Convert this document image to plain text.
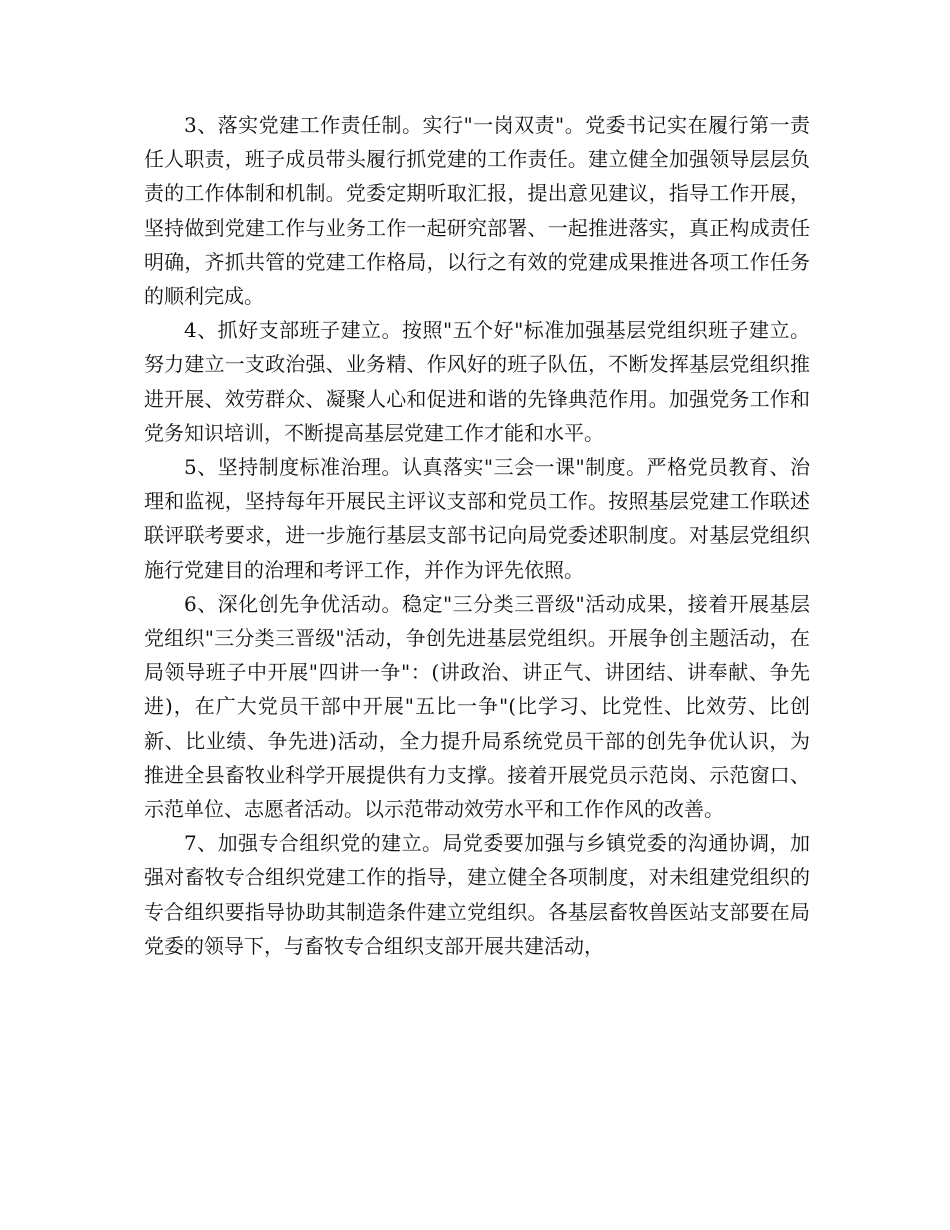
3、落实党建工作责任制。实行"一岗双责"。党委书记实在履行第一责任人职责，班子成员带头履行抓党建的工作责任。建立健全加强领导层层负责的工作体制和机制。党委定期听取汇报，提出意见建议，指导工作开展，坚持做到党建工作与业务工作一起研究部署、一起推进落实，真正构成责任明确，齐抓共管的党建工作格局，以行之有效的党建成果推进各项工作任务的顺利完成。

4、抓好支部班子建立。按照"五个好"标准加强基层党组织班子建立。努力建立一支政治强、业务精、作风好的班子队伍，不断发挥基层党组织推进开展、效劳群众、凝聚人心和促进和谐的先锋典范作用。加强党务工作和党务知识培训，不断提高基层党建工作才能和水平。

5、坚持制度标准治理。认真落实"三会一课"制度。严格党员教育、治理和监视，坚持每年开展民主评议支部和党员工作。按照基层党建工作联述联评联考要求，进一步施行基层支部书记向局党委述职制度。对基层党组织施行党建目的治理和考评工作，并作为评先依照。

6、深化创先争优活动。稳定"三分类三晋级"活动成果，接着开展基层党组织"三分类三晋级"活动，争创先进基层党组织。开展争创主题活动，在局领导班子中开展"四讲一争"：(讲政治、讲正气、讲团结、讲奉献、争先进)，在广大党员干部中开展"五比一争"(比学习、比党性、比效劳、比创新、比业绩、争先进)活动，全力提升局系统党员干部的创先争优认识，为推进全县畜牧业科学开展提供有力支撑。接着开展党员示范岗、示范窗口、示范单位、志愿者活动。以示范带动效劳水平和工作作风的改善。

7、加强专合组织党的建立。局党委要加强与乡镇党委的沟通协调，加强对畜牧专合组织党建工作的指导，建立健全各项制度，对未组建党组织的专合组织要指导协助其制造条件建立党组织。各基层畜牧兽医站支部要在局党委的领导下，与畜牧专合组织支部开展共建活动，
